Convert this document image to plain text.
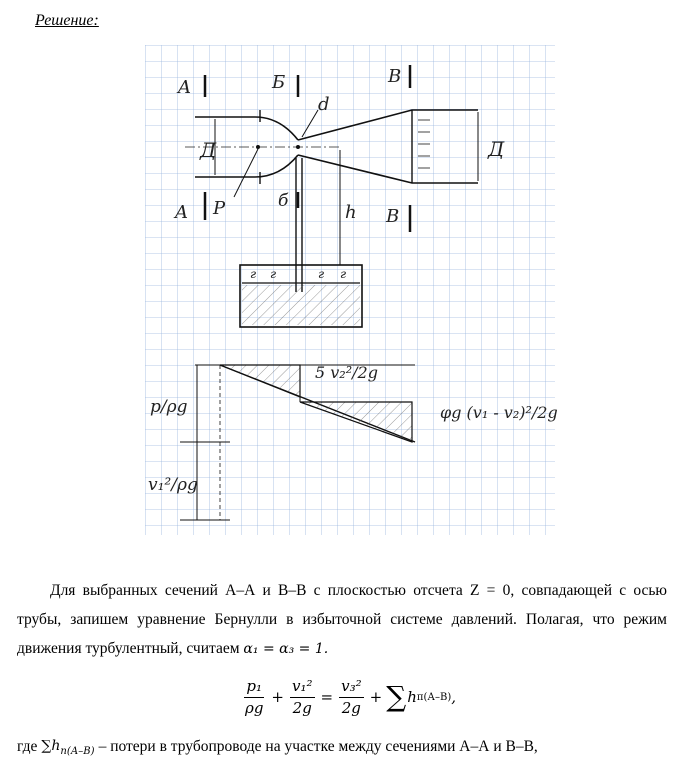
Решение:
A	Б	В
A
б
В
Д
d
P
Д
h
г г	г г
5 v₂²/2g
φg (v₁ - v₂)²/2g
p/ρg
v₁²/ρg
Для выбранных сечений А–А и В–В с плоскостью отсчета Z = 0, совпадающей с осью трубы, запишем уравнение Бернулли в избыточной системе давлений. Полагая, что режим движения турбулентный, считаем α₁ = α₃ = 1.
$\frac{\text{p₁}}{\rho g} + \frac{\text{v₁²}}{2g} = \frac{\text{v₃²}}{2g}$ + ∑ h п(А–В) ,
где $\sum h_{п(А-В)}$ – потери в трубопроводе на участке между сечениями А–А и В–В,
